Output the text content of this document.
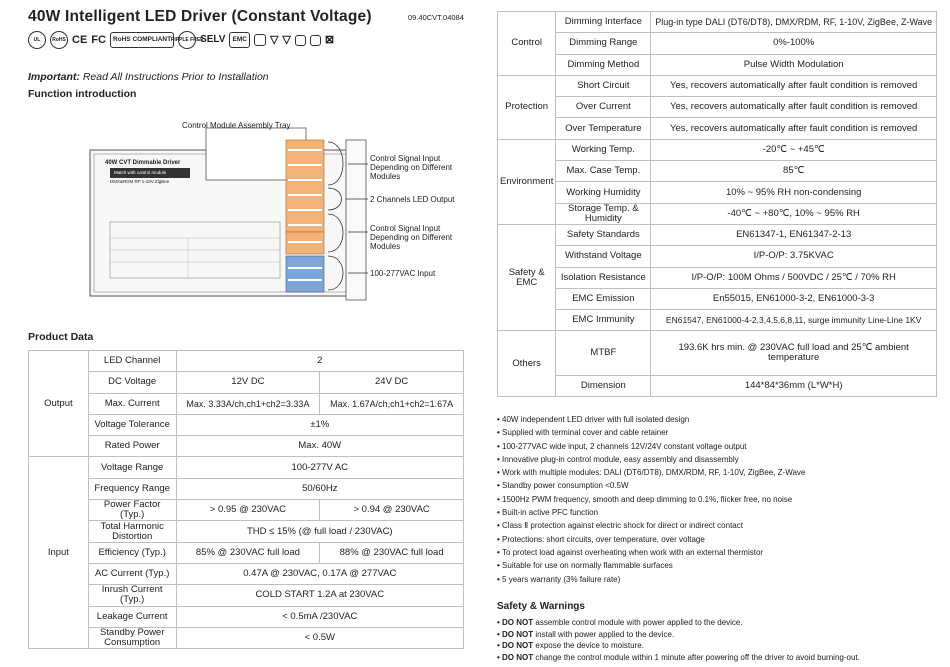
40W Intelligent LED Driver (Constant Voltage)	09.40CVT.04084
UL	RoHS CE FC	RoHS COMPLIANT RIPPLE FREE
SELV	EMC ▽ ▽	⊠
Important: Read All Instructions Prior to Installation
Function introduction
Control Module Assembly Tray
40W CVT Dimmable Driver
Match with control module
DMX&RDM RF 1-10V ZigBee
Control Signal Input Depending on Different Modules
2 Channels LED Output
Control Signal Input Depending on Different Modules
100-277VAC Input
Product Data
Output	LED Channel	2	
	DC Voltage	12V DC	24V DC
	Max. Current	Max. 3.33A/ch,ch1+ch2=3.33A	Max. 1.67A/ch,ch1+ch2=1.67A
	Voltage Tolerance	±1%	
	Rated Power	Max. 40W	
Input	Voltage Range	100-277V AC	
	Frequency Range	50/60Hz	
	Power Factor (Typ.)	> 0.95 @ 230VAC	> 0.94 @ 230VAC
	Total Harmonic Distortion	THD ≤ 15% (@ full load / 230VAC)	
	Efficiency (Typ.)	85% @ 230VAC full load	88% @ 230VAC full load
	AC Current (Typ.)	0.47A @ 230VAC, 0.17A @ 277VAC	
	Inrush Current (Typ.)	COLD START 1.2A at 230VAC	
	Leakage Current	< 0.5mA /230VAC	
	Standby Power Consumption	< 0.5W	
Control	Dimming Interface	Plug-in type DALI (DT6/DT8), DMX/RDM, RF, 1-10V, ZigBee, Z-Wave
	Dimming Range	0%-100%
	Dimming Method	Pulse Width Modulation
Protection	Short Circuit	Yes, recovers automatically after fault condition is removed
	Over Current	Yes, recovers automatically after fault condition is removed
	Over Temperature	Yes, recovers automatically after fault condition is removed
Environment	Working Temp.	-20℃ ~ +45℃
	Max. Case Temp.	85℃
	Working Humidity	10% ~ 95% RH non-condensing
	Storage Temp. & Humidity	-40℃ ~ +80℃, 10% ~ 95% RH
Safety & EMC	Safety Standards	EN61347-1, EN61347-2-13
	Withstand Voltage	I/P-O/P: 3.75KVAC
	Isolation Resistance	I/P-O/P: 100M Ohms / 500VDC / 25℃ / 70% RH
	EMC Emission	En55015, EN61000-3-2, EN61000-3-3
	EMC Immunity	EN61547, EN61000-4-2,3,4,5,6,8,11, surge immunity Line-Line 1KV
Others	MTBF	193.6K hrs min. @ 230VAC full load and 25℃ ambient temperature
	Dimension	144*84*36mm (L*W*H)
• 40W independent LED driver with full isolated design
• Supplied with terminal cover and cable retainer
• 100-277VAC wide input, 2 channels 12V/24V constant voltage output
• Innovative plug-in control module, easy assembly and disassembly
• Work with multiple modules: DALI (DT6/DT8), DMX/RDM, RF, 1-10V, ZigBee, Z-Wave
• Standby power consumption <0.5W
• 1500Hz PWM frequency, smooth and deep dimming to 0.1%, flicker free, no noise
• Built-in active PFC function
• Class Ⅱ protection against electric shock for direct or indirect contact
• Protections: short circuits, over temperature, over voltage
• To protect load against overheating when work with an external thermistor
• Suitable for use on normally flammable surfaces
• 5 years warranty (3% failure rate)
Safety & Warnings
• DO NOT assemble control module with power applied to the device.
• DO NOT install with power applied to the device.
• DO NOT expose the device to moisture.
• DO NOT change the control module within 1 minute after powering off the driver to avoid burning-out.
